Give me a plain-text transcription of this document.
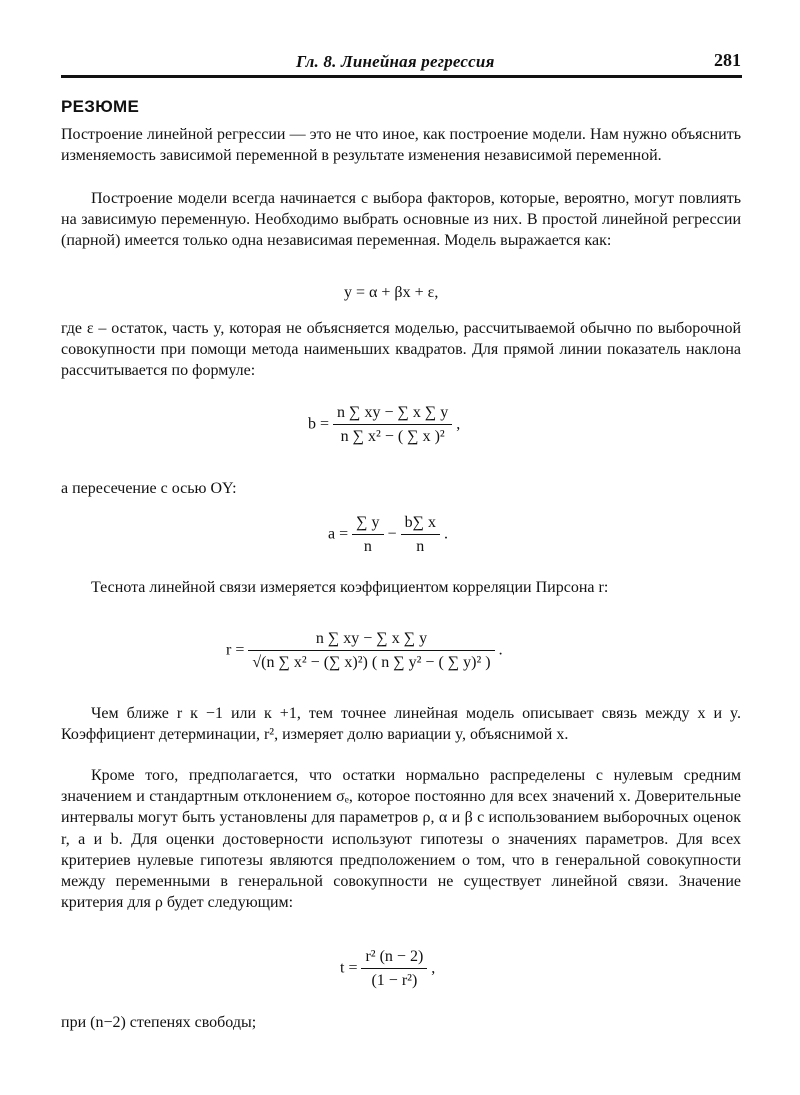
Гл. 8. Линейная регрессия	281
РЕЗЮМЕ

Построение линейной регрессии — это не что иное, как построение модели. Нам нужно объяснить изменяемость зависимой переменной в результате изменения независимой переменной.

Построение модели всегда начинается с выбора факторов, которые, вероятно, могут повлиять на зависимую переменную. Необходимо выбрать основные из них. В простой линейной регрессии (парной) имеется только одна независимая переменная. Модель выражается как:

y = α + βx + ε,

где ε – остаток, часть y, которая не объясняется моделью, рассчитываемой обычно по выборочной совокупности при помощи метода наименьших квадратов. Для прямой линии показатель наклона рассчитывается по формуле:

$b = \frac{n \sum xy - \sum x \sum y}{\text{n ∑ x² − ( ∑ x )²}}$ ,

а пересечение с осью OY:

$a = \frac{\sum y}{n} - \frac{b\sum x}{n}$ .

Теснота линейной связи измеряется коэффициентом корреляции Пирсона r:

$r = \frac{n \sum xy - \sum x \sum y}{\text{√(n ∑ x² − (∑ x)²) ( n ∑ y² − ( ∑ y)² )}}$ .

Чем ближе r к −1 или к +1, тем точнее линейная модель описывает связь между x и y. Коэффициент детерминации, r², измеряет долю вариации y, объяснимой x.

Кроме того, предполагается, что остатки нормально распределены с нулевым средним значением и стандартным отклонением σₑ, которое постоянно для всех значений x. Доверительные интервалы могут быть установлены для параметров ρ, α и β с использованием выборочных оценок r, a и b. Для оценки достоверности используют гипотезы о значениях параметров. Для всех критериев нулевые гипотезы являются предположением о том, что в генеральной совокупности между переменными в генеральной совокупности не существует линейной связи. Значение критерия для ρ будет следующим:

$t = \frac{\text{r² (n − 2)}}{\text{(1 − r²)}}$ ,

при (n−2) степенях свободы;
